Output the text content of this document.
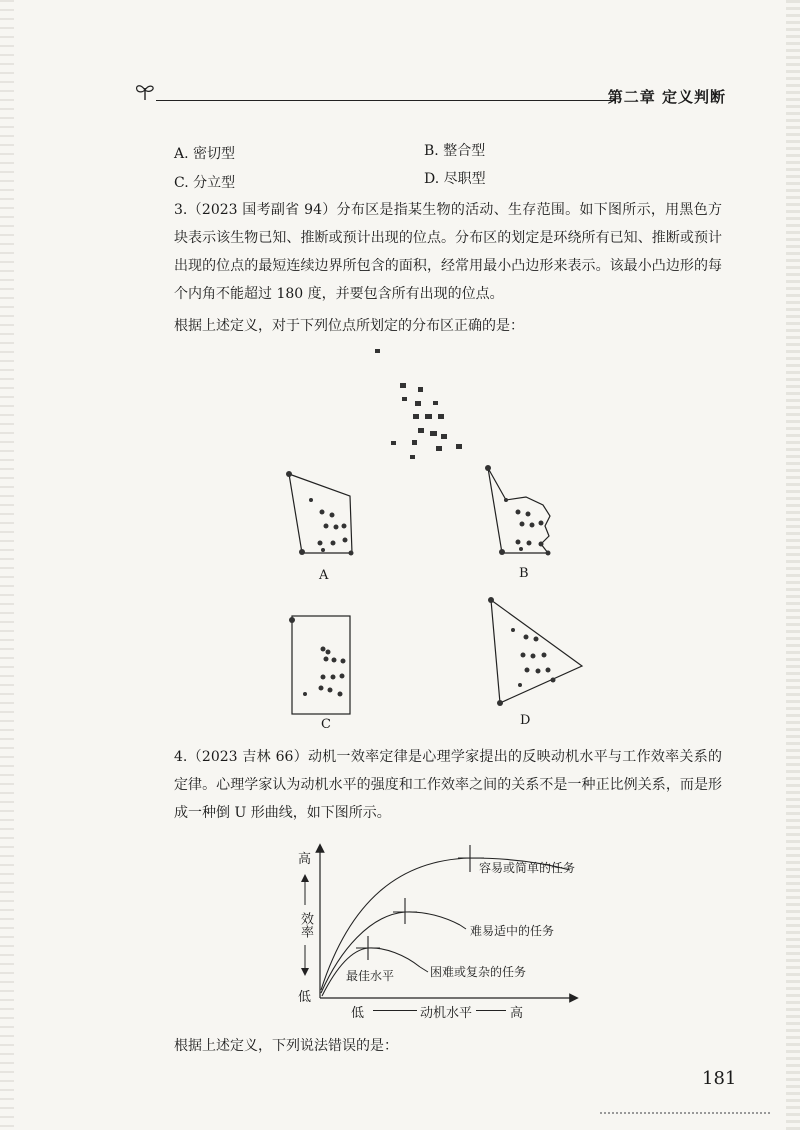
第二章 定义判断
A. 密切型	B. 整合型
C. 分立型	D. 尽职型

3.（2023 国考副省 94）分布区是指某生物的活动、生存范围。如下图所示，用黑色方块表示该生物已知、推断或预计出现的位点。分布区的划定是环绕所有已知、推断或预计出现的位点的最短连续边界所包含的面积，经常用最小凸边形来表示。该最小凸边形的每个内角不能超过 180 度，并要包含所有出现的位点。

根据上述定义，对于下列位点所划定的分布区正确的是：
A	B
C	D

4.（2023 吉林 66）动机一效率定律是心理学家提出的反映动机水平与工作效率关系的定律。心理学家认为动机水平的强度和工作效率之间的关系不是一种正比例关系，而是形成一种倒 U 形曲线，如下图所示。

高
效率
低
低	动机水平	高
容易或简单的任务
难易适中的任务
困难或复杂的任务
最佳水平
根据上述定义，下列说法错误的是：
181
